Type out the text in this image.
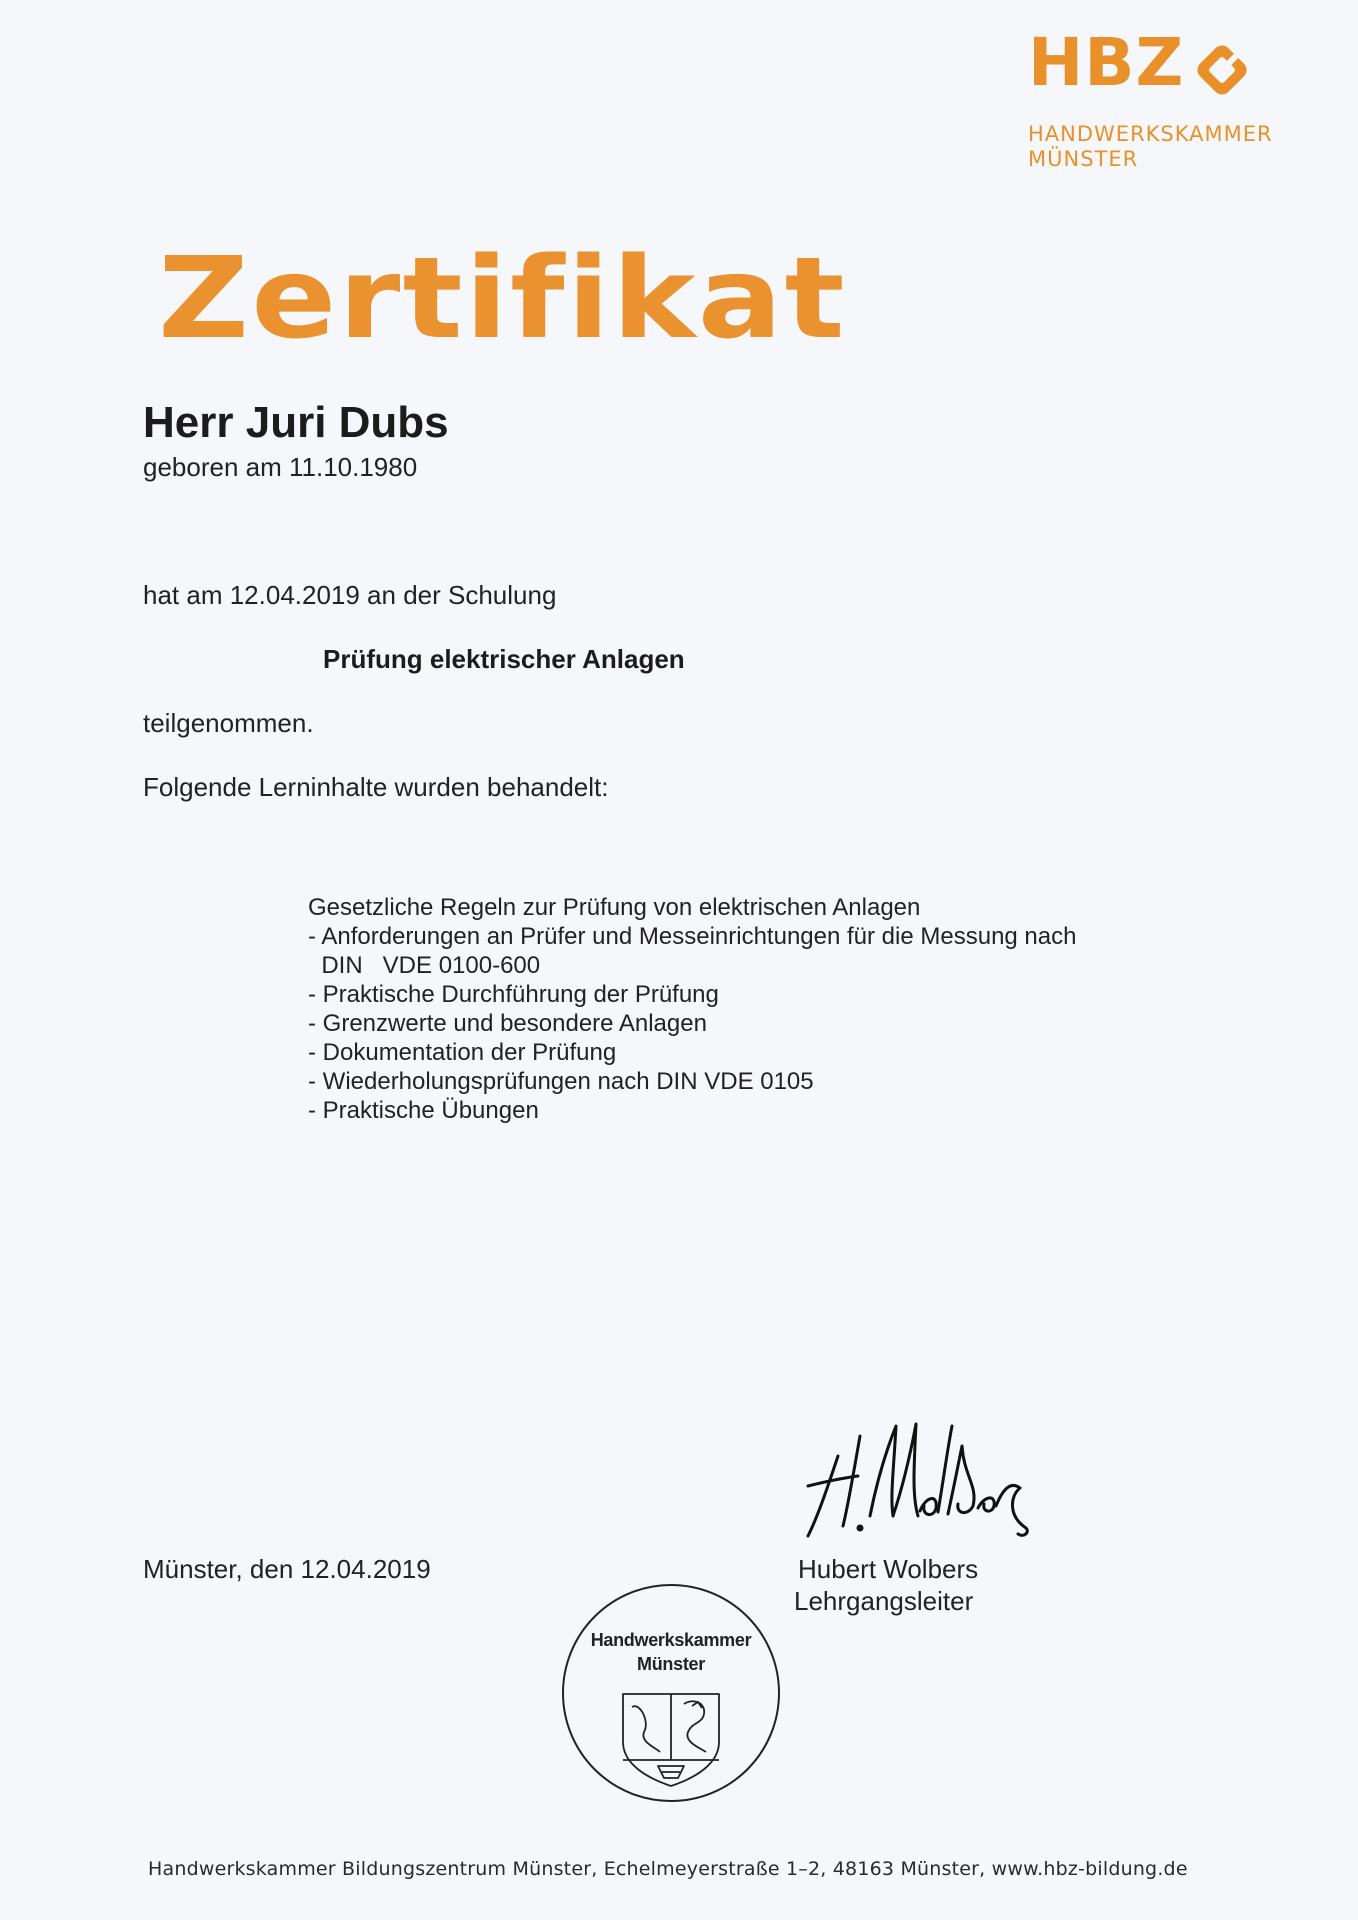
HBZ
HANDWERKSKAMMER
MÜNSTER
Zertifikat
Herr Juri Dubs
geboren am 11.10.1980
hat am 12.04.2019 an der Schulung
Prüfung elektrischer Anlagen
teilgenommen.
Folgende Lerninhalte wurden behandelt:
Gesetzliche Regeln zur Prüfung von elektrischen Anlagen
- Anforderungen an Prüfer und Messeinrichtungen für die Messung nach
DIN   VDE 0100-600
- Praktische Durchführung der Prüfung
- Grenzwerte und besondere Anlagen
- Dokumentation der Prüfung
- Wiederholungsprüfungen nach DIN VDE 0105
- Praktische Übungen
Münster, den 12.04.2019	Hubert Wolbers
Lehrgangsleiter
Handwerkskammer
Münster
Handwerkskammer Bildungszentrum Münster, Echelmeyerstraße 1–2, 48163 Münster, www.hbz-bildung.de
